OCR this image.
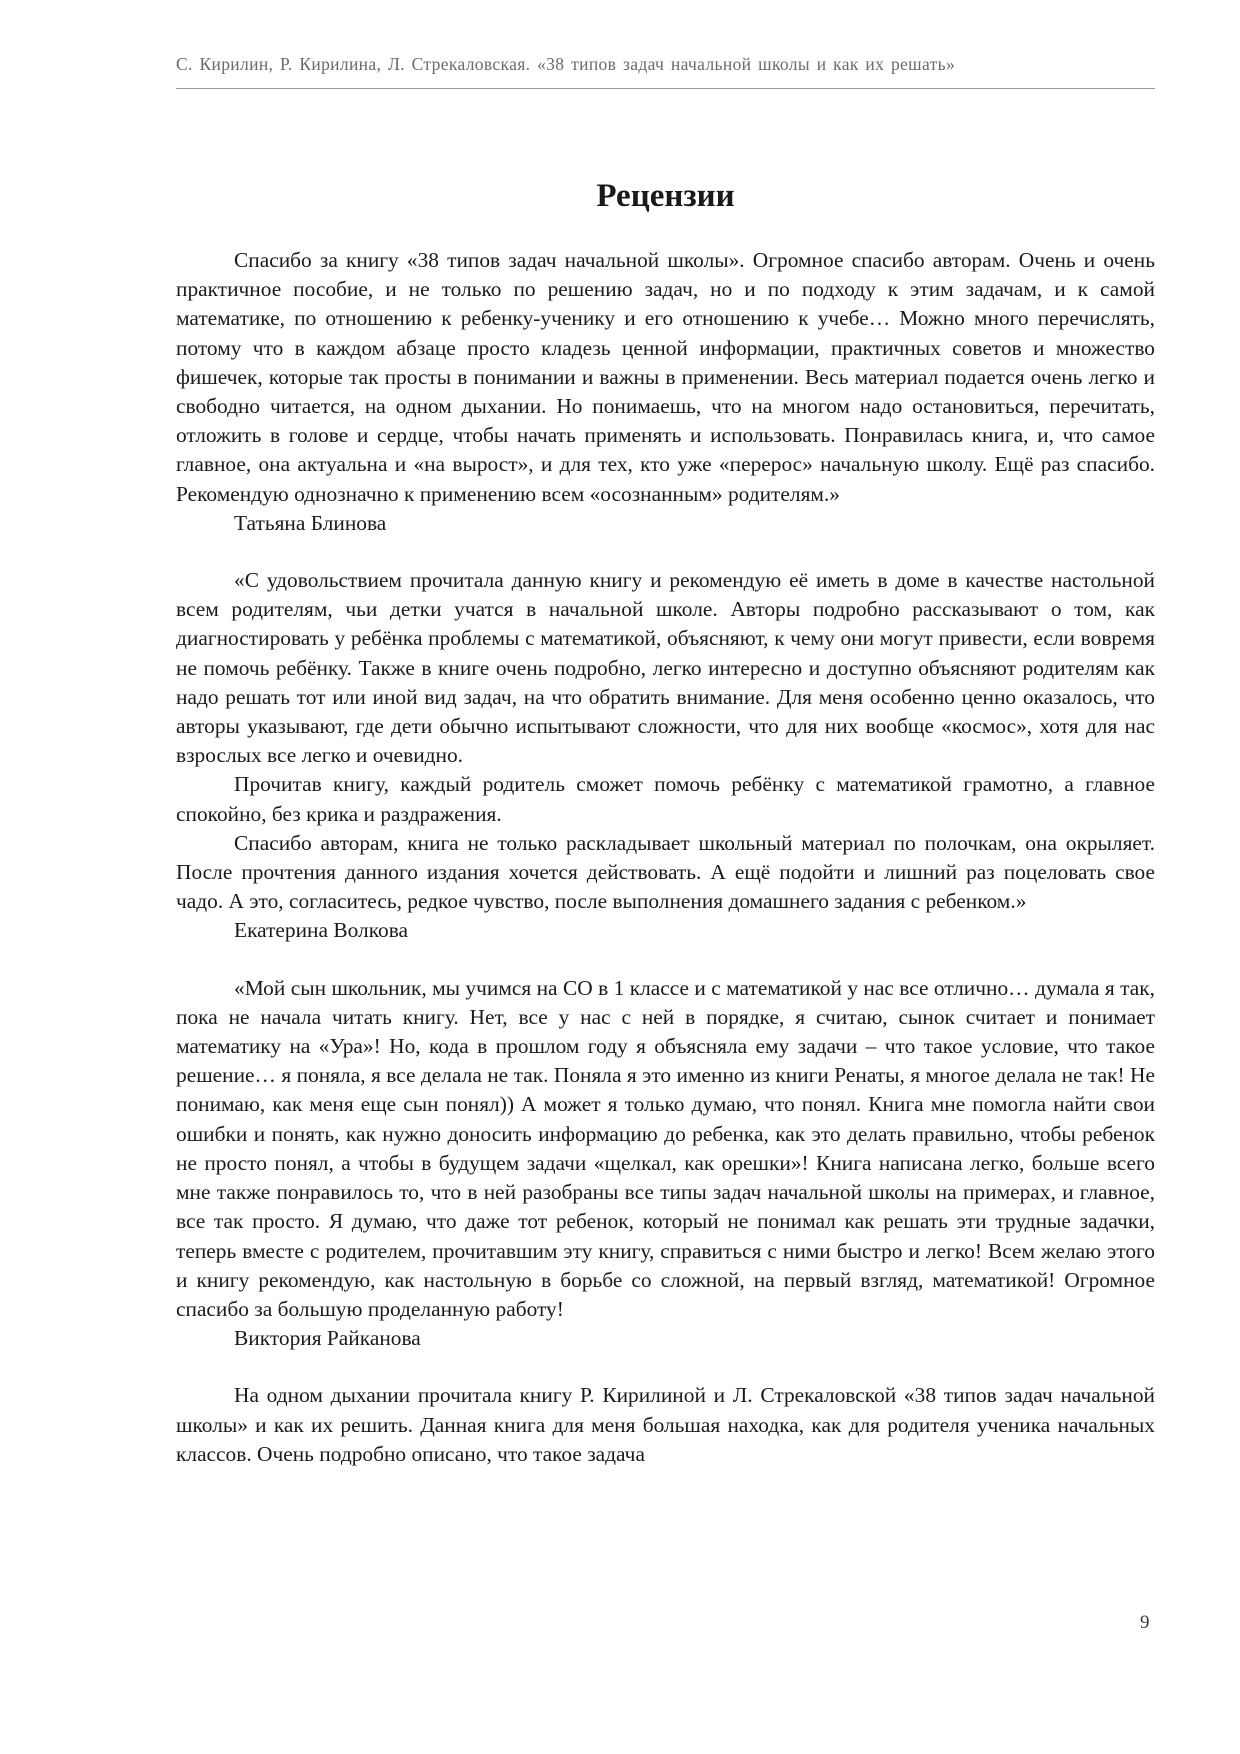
С. Кирилин, Р. Кирилина, Л. Стрекаловская. «38 типов задач начальной школы и как их решать»
Рецензии

Спасибо за книгу «38 типов задач начальной школы». Огромное спасибо авторам. Очень и очень практичное пособие, и не только по решению задач, но и по подходу к этим задачам, и к самой математике, по отношению к ребенку-ученику и его отношению к учебе… Можно много перечислять, потому что в каждом абзаце просто кладезь ценной информации, практичных советов и множество фишечек, которые так просты в понимании и важны в применении. Весь материал подается очень легко и свободно читается, на одном дыхании. Но понимаешь, что на многом надо остановиться, перечитать, отложить в голове и сердце, чтобы начать применять и использовать. Понравилась книга, и, что самое главное, она актуальна и «на вырост», и для тех, кто уже «перерос» начальную школу. Ещё раз спасибо. Рекомендую однозначно к применению всем «осознанным» родителям.»

Татьяна Блинова

«С удовольствием прочитала данную книгу и рекомендую её иметь в доме в качестве настольной всем родителям, чьи детки учатся в начальной школе. Авторы подробно рассказывают о том, как диагностировать у ребёнка проблемы с математикой, объясняют, к чему они могут привести, если вовремя не помочь ребёнку. Также в книге очень подробно, легко интересно и доступно объясняют родителям как надо решать тот или иной вид задач, на что обратить внимание. Для меня особенно ценно оказалось, что авторы указывают, где дети обычно испытывают сложности, что для них вообще «космос», хотя для нас взрослых все легко и очевидно.

Прочитав книгу, каждый родитель сможет помочь ребёнку с математикой грамотно, а главное спокойно, без крика и раздражения.

Спасибо авторам, книга не только раскладывает школьный материал по полочкам, она окрыляет. После прочтения данного издания хочется действовать. А ещё подойти и лишний раз поцеловать свое чадо. А это, согласитесь, редкое чувство, после выполнения домашнего задания с ребенком.»

Екатерина Волкова

«Мой сын школьник, мы учимся на СО в 1 классе и с математикой у нас все отлично… думала я так, пока не начала читать книгу. Нет, все у нас с ней в порядке, я считаю, сынок считает и понимает математику на «Ура»! Но, кода в прошлом году я объясняла ему задачи – что такое условие, что такое решение… я поняла, я все делала не так. Поняла я это именно из книги Ренаты, я многое делала не так! Не понимаю, как меня еще сын понял)) А может я только думаю, что понял. Книга мне помогла найти свои ошибки и понять, как нужно доносить информацию до ребенка, как это делать правильно, чтобы ребенок не просто понял, а чтобы в будущем задачи «щелкал, как орешки»! Книга написана легко, больше всего мне также понравилось то, что в ней разобраны все типы задач начальной школы на примерах, и главное, все так просто. Я думаю, что даже тот ребенок, который не понимал как решать эти трудные задачки, теперь вместе с родителем, прочитавшим эту книгу, справиться с ними быстро и легко! Всем желаю этого и книгу рекомендую, как настольную в борьбе со сложной, на первый взгляд, математикой! Огромное спасибо за большую проделанную работу!

Виктория Райканова

На одном дыхании прочитала книгу Р. Кирилиной и Л. Стрекаловской «38 типов задач начальной школы» и как их решить. Данная книга для меня большая находка, как для родителя ученика начальных классов. Очень подробно описано, что такое задача

9
